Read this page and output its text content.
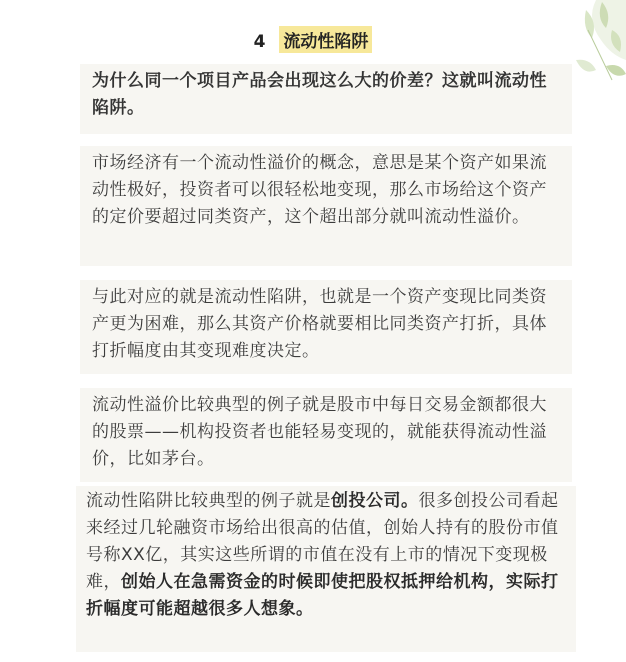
4 流动性陷阱

为什么同一个项目产品会出现这么大的价差？这就叫流动性陷阱。

市场经济有一个流动性溢价的概念，意思是某个资产如果流动性极好，投资者可以很轻松地变现，那么市场给这个资产的定价要超过同类资产，这个超出部分就叫流动性溢价。

与此对应的就是流动性陷阱，也就是一个资产变现比同类资产更为困难，那么其资产价格就要相比同类资产打折，具体打折幅度由其变现难度决定。

流动性溢价比较典型的例子就是股市中每日交易金额都很大的股票——机构投资者也能轻易变现的，就能获得流动性溢价，比如茅台。

流动性陷阱比较典型的例子就是创投公司。很多创投公司看起来经过几轮融资市场给出很高的估值，创始人持有的股份市值号称XX亿，其实这些所谓的市值在没有上市的情况下变现极难，创始人在急需资金的时候即使把股权抵押给机构，实际打折幅度可能超越很多人想象。
